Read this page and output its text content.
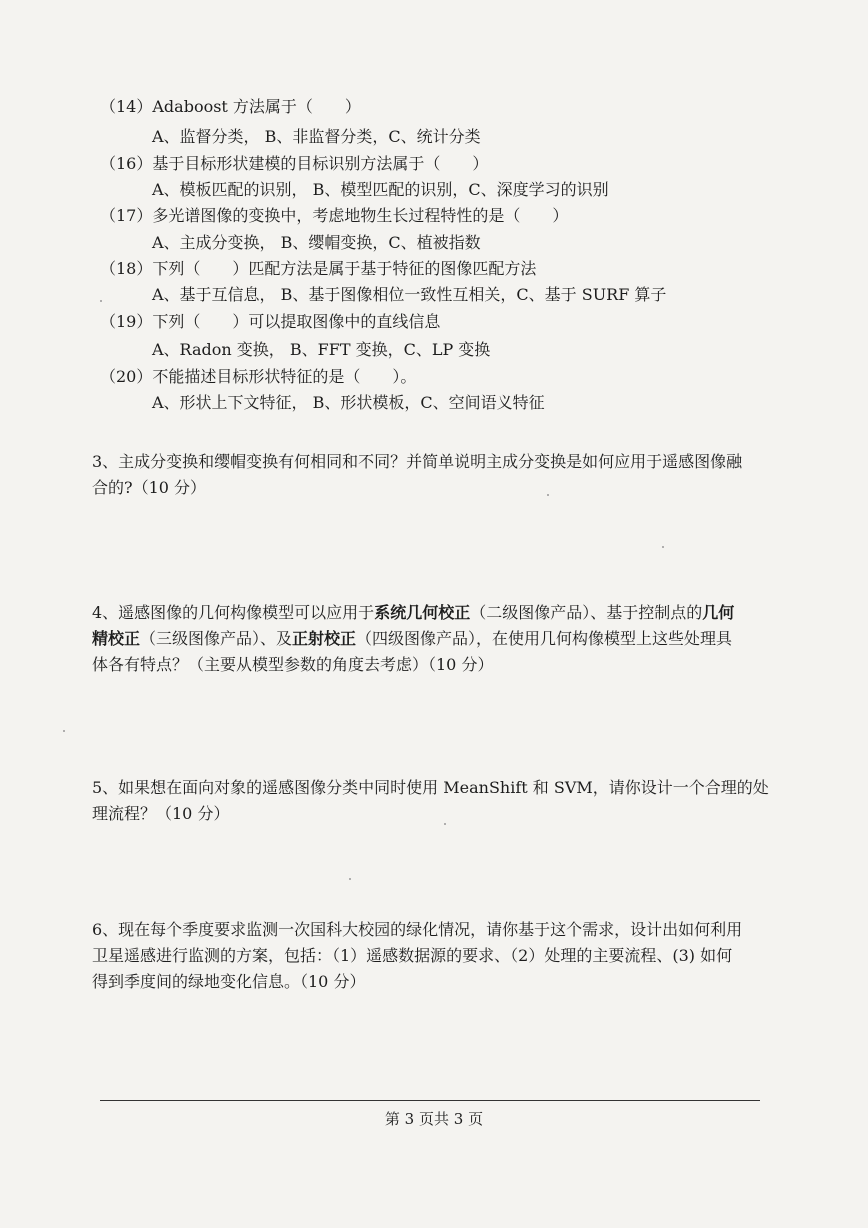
（14）Adaboost 方法属于（　　）
A、监督分类， B、非监督分类，C、统计分类
（16）基于目标形状建模的目标识别方法属于（　　）
A、模板匹配的识别， B、模型匹配的识别，C、深度学习的识别
（17）多光谱图像的变换中，考虑地物生长过程特性的是（　　）
A、主成分变换， B、缨帽变换，C、植被指数
（18）下列（　　）匹配方法是属于基于特征的图像匹配方法
A、基于互信息， B、基于图像相位一致性互相关，C、基于 SURF 算子
（19）下列（　　）可以提取图像中的直线信息
A、Radon 变换， B、FFT 变换，C、LP 变换
（20）不能描述目标形状特征的是（　　）。
A、形状上下文特征， B、形状模板，C、空间语义特征

3、主成分变换和缨帽变换有何相同和不同？并简单说明主成分变换是如何应用于遥感图像融

合的?（10 分）

4、遥感图像的几何构像模型可以应用于系统几何校正（二级图像产品）、基于控制点的几何

精校正（三级图像产品）、及正射校正（四级图像产品），在使用几何构像模型上这些处理具

体各有特点？（主要从模型参数的角度去考虑）（10 分）

5、如果想在面向对象的遥感图像分类中同时使用 MeanShift 和 SVM，请你设计一个合理的处

理流程？（10 分）

6、现在每个季度要求监测一次国科大校园的绿化情况，请你基于这个需求，设计出如何利用

卫星遥感进行监测的方案，包括：（1）遥感数据源的要求、（2）处理的主要流程、(3) 如何

得到季度间的绿地变化信息。（10 分）

第 3 页共 3 页
